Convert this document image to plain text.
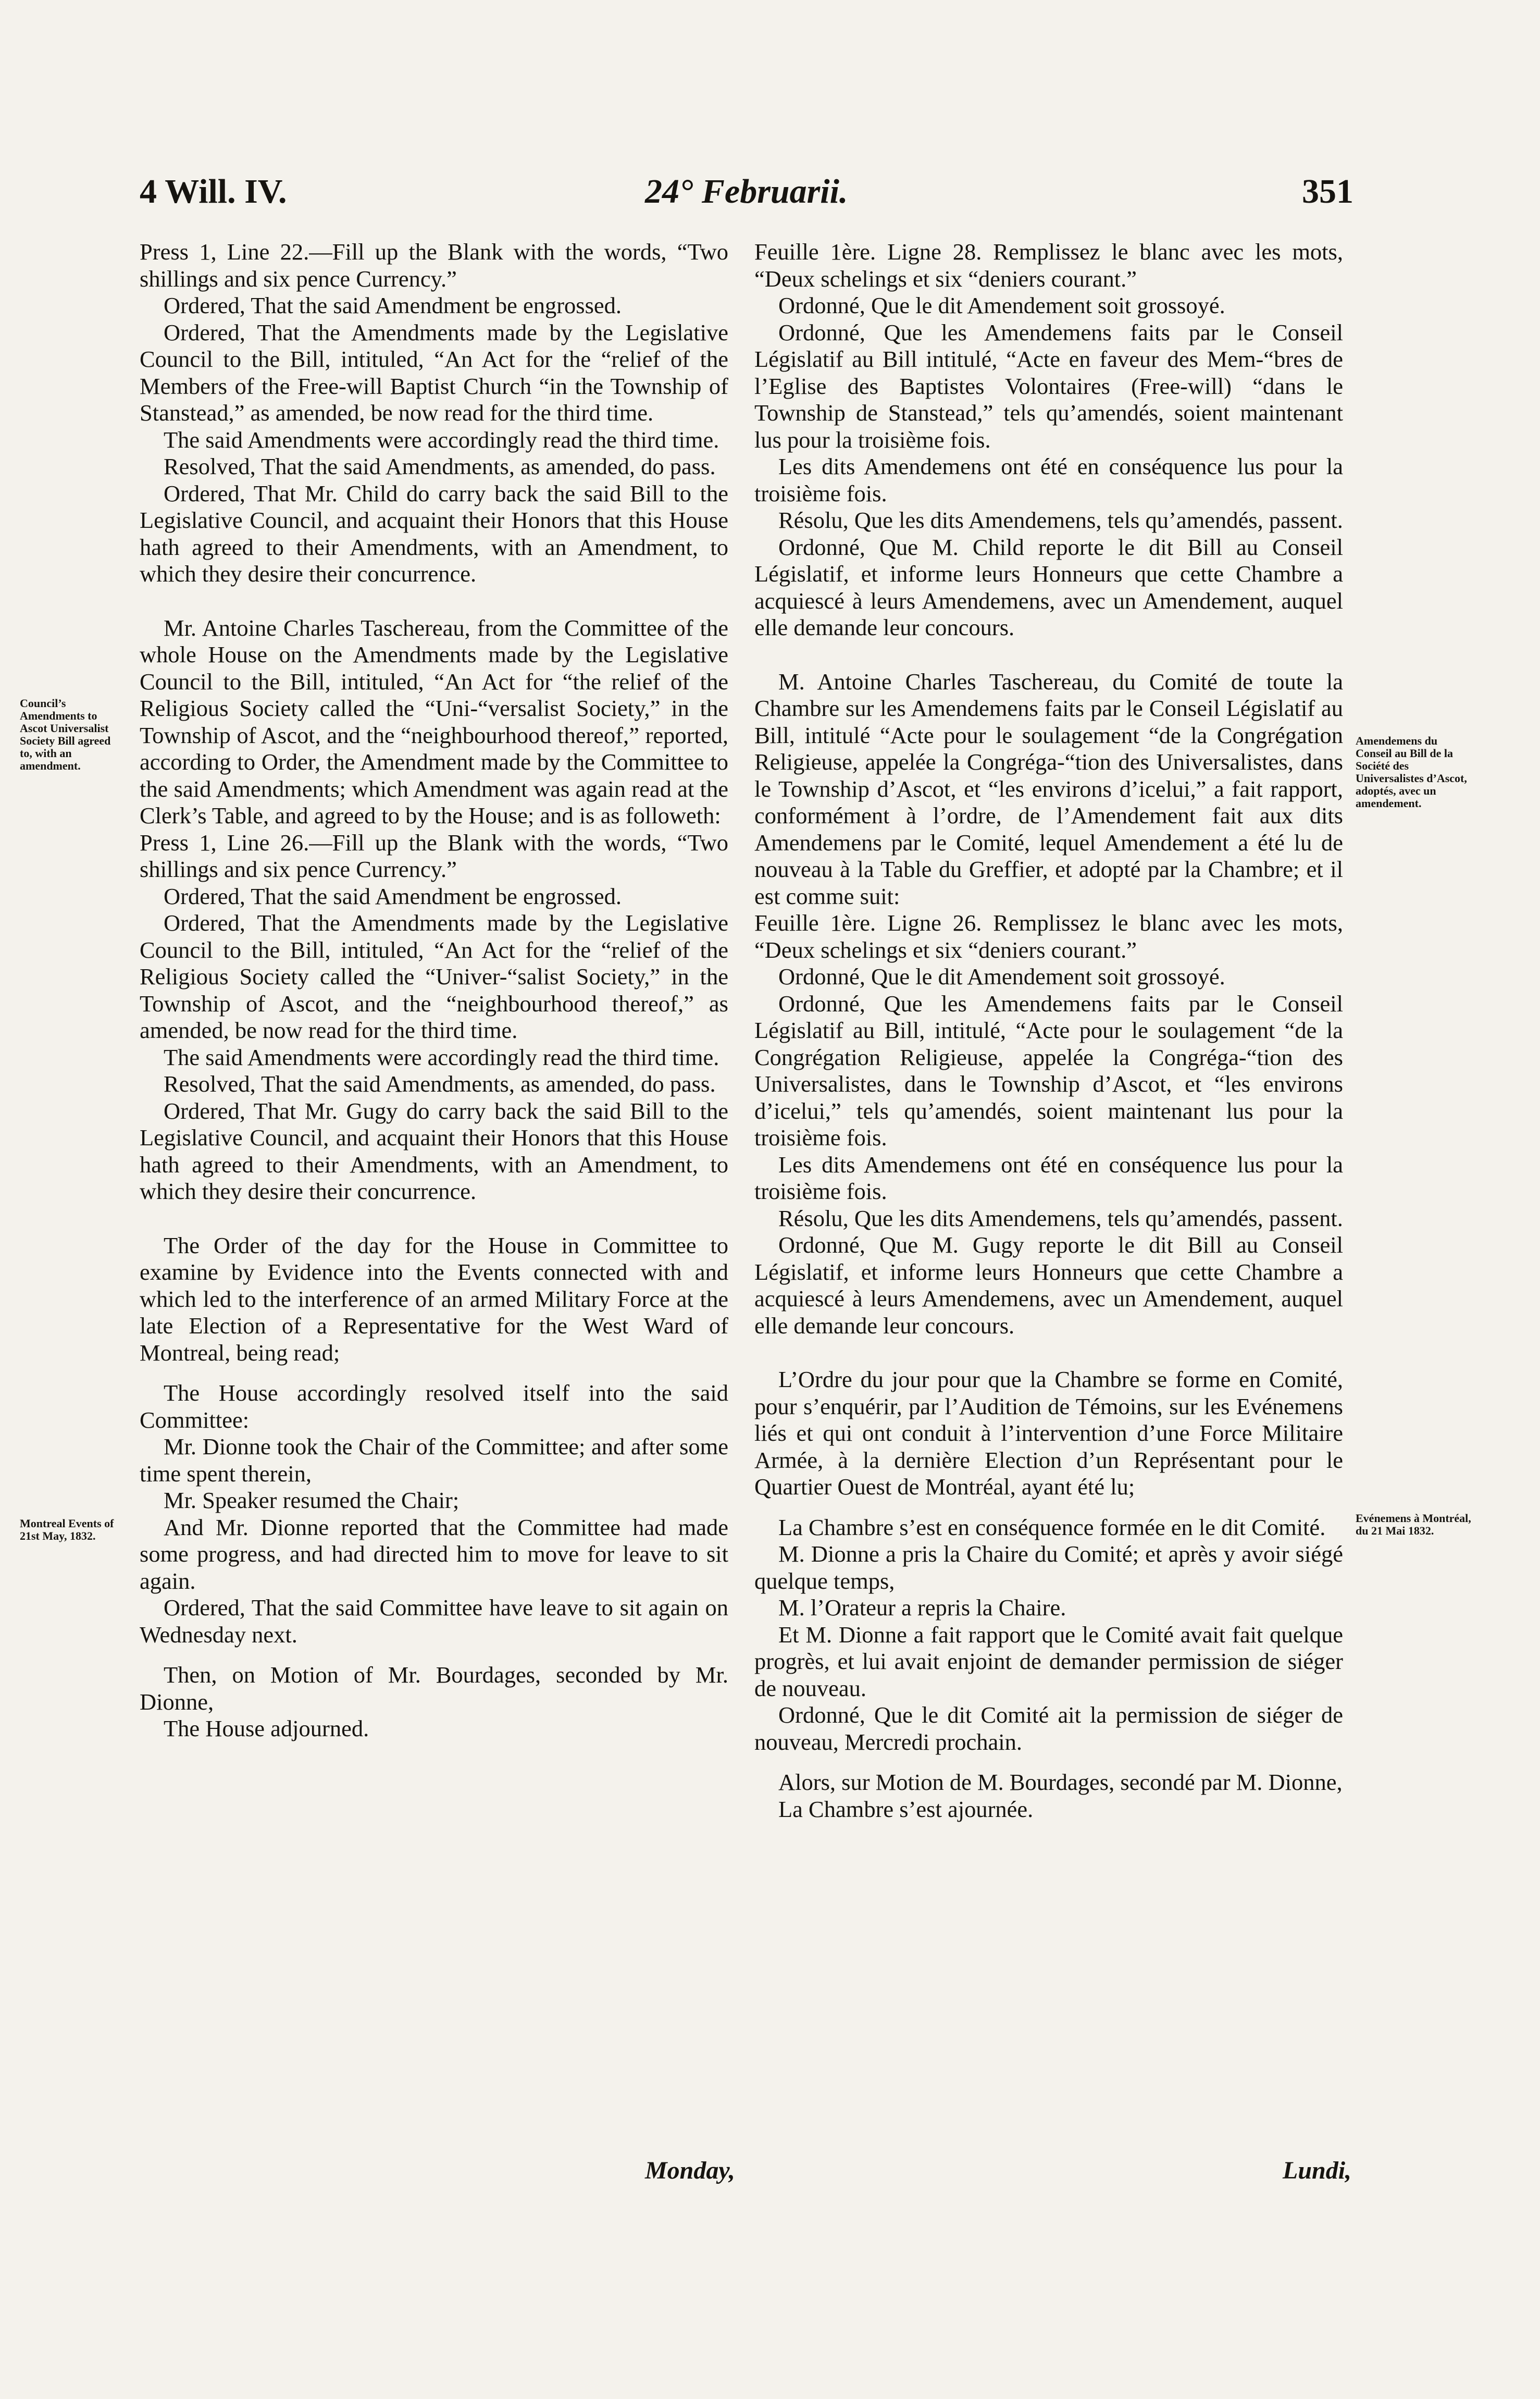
4 Will. IV.	24° Februarii.	351
Council’s Amendments to Ascot Universalist Society Bill agreed to, with an amendment.
Montreal Events of 21st May, 1832.
Amendemens du Conseil au Bill de la Société des Universalistes d’Ascot, adoptés, avec un amendement.
Evénemens à Montréal, du 21 Mai 1832.

Press 1, Line 22.—Fill up the Blank with the words, “Two shillings and six pence Currency.”

Ordered, That the said Amendment be engrossed.

Ordered, That the Amendments made by the Legislative Council to the Bill, intituled, “An Act for the “relief of the Members of the Free-will Baptist Church “in the Township of Stanstead,” as amended, be now read for the third time.

The said Amendments were accordingly read the third time.

Resolved, That the said Amendments, as amended, do pass.

Ordered, That Mr. Child do carry back the said Bill to the Legislative Council, and acquaint their Honors that this House hath agreed to their Amendments, with an Amendment, to which they desire their concurrence.

Mr. Antoine Charles Taschereau, from the Committee of the whole House on the Amendments made by the Legislative Council to the Bill, intituled, “An Act for “the relief of the Religious Society called the “Uni-“versalist Society,” in the Township of Ascot, and the “neighbourhood thereof,” reported, according to Order, the Amendment made by the Committee to the said Amendments; which Amendment was again read at the Clerk’s Table, and agreed to by the House; and is as followeth:

Press 1, Line 26.—Fill up the Blank with the words, “Two shillings and six pence Currency.”

Ordered, That the said Amendment be engrossed.

Ordered, That the Amendments made by the Legislative Council to the Bill, intituled, “An Act for the “relief of the Religious Society called the “Univer-“salist Society,” in the Township of Ascot, and the “neighbourhood thereof,” as amended, be now read for the third time.

The said Amendments were accordingly read the third time.

Resolved, That the said Amendments, as amended, do pass.

Ordered, That Mr. Gugy do carry back the said Bill to the Legislative Council, and acquaint their Honors that this House hath agreed to their Amendments, with an Amendment, to which they desire their concurrence.

The Order of the day for the House in Committee to examine by Evidence into the Events connected with and which led to the interference of an armed Military Force at the late Election of a Representative for the West Ward of Montreal, being read;

The House accordingly resolved itself into the said Committee:

Mr. Dionne took the Chair of the Committee; and after some time spent therein,

Mr. Speaker resumed the Chair;

And Mr. Dionne reported that the Committee had made some progress, and had directed him to move for leave to sit again.

Ordered, That the said Committee have leave to sit again on Wednesday next.

Then, on Motion of Mr. Bourdages, seconded by Mr. Dionne,

The House adjourned.

Feuille 1ère. Ligne 28. Remplissez le blanc avec les mots, “Deux schelings et six “deniers courant.”

Ordonné, Que le dit Amendement soit grossoyé.

Ordonné, Que les Amendemens faits par le Conseil Législatif au Bill intitulé, “Acte en faveur des Mem-“bres de l’Eglise des Baptistes Volontaires (Free-will) “dans le Township de Stanstead,” tels qu’amendés, soient maintenant lus pour la troisième fois.

Les dits Amendemens ont été en conséquence lus pour la troisième fois.

Résolu, Que les dits Amendemens, tels qu’amendés, passent.

Ordonné, Que M. Child reporte le dit Bill au Conseil Législatif, et informe leurs Honneurs que cette Chambre a acquiescé à leurs Amendemens, avec un Amendement, auquel elle demande leur concours.

M. Antoine Charles Taschereau, du Comité de toute la Chambre sur les Amendemens faits par le Conseil Législatif au Bill, intitulé “Acte pour le soulagement “de la Congrégation Religieuse, appelée la Congréga-“tion des Universalistes, dans le Township d’Ascot, et “les environs d’icelui,” a fait rapport, conformément à l’ordre, de l’Amendement fait aux dits Amendemens par le Comité, lequel Amendement a été lu de nouveau à la Table du Greffier, et adopté par la Chambre; et il est comme suit:

Feuille 1ère. Ligne 26. Remplissez le blanc avec les mots, “Deux schelings et six “deniers courant.”

Ordonné, Que le dit Amendement soit grossoyé.

Ordonné, Que les Amendemens faits par le Conseil Législatif au Bill, intitulé, “Acte pour le soulagement “de la Congrégation Religieuse, appelée la Congréga-“tion des Universalistes, dans le Township d’Ascot, et “les environs d’icelui,” tels qu’amendés, soient maintenant lus pour la troisième fois.

Les dits Amendemens ont été en conséquence lus pour la troisième fois.

Résolu, Que les dits Amendemens, tels qu’amendés, passent.

Ordonné, Que M. Gugy reporte le dit Bill au Conseil Législatif, et informe leurs Honneurs que cette Chambre a acquiescé à leurs Amendemens, avec un Amendement, auquel elle demande leur concours.

L’Ordre du jour pour que la Chambre se forme en Comité, pour s’enquérir, par l’Audition de Témoins, sur les Evénemens liés et qui ont conduit à l’intervention d’une Force Militaire Armée, à la dernière Election d’un Représentant pour le Quartier Ouest de Montréal, ayant été lu;

La Chambre s’est en conséquence formée en le dit Comité.

M. Dionne a pris la Chaire du Comité; et après y avoir siégé quelque temps,

M. l’Orateur a repris la Chaire.

Et M. Dionne a fait rapport que le Comité avait fait quelque progrès, et lui avait enjoint de demander permission de siéger de nouveau.

Ordonné, Que le dit Comité ait la permission de siéger de nouveau, Mercredi prochain.

Alors, sur Motion de M. Bourdages, secondé par M. Dionne,

La Chambre s’est ajournée.

Monday,	Lundi,
